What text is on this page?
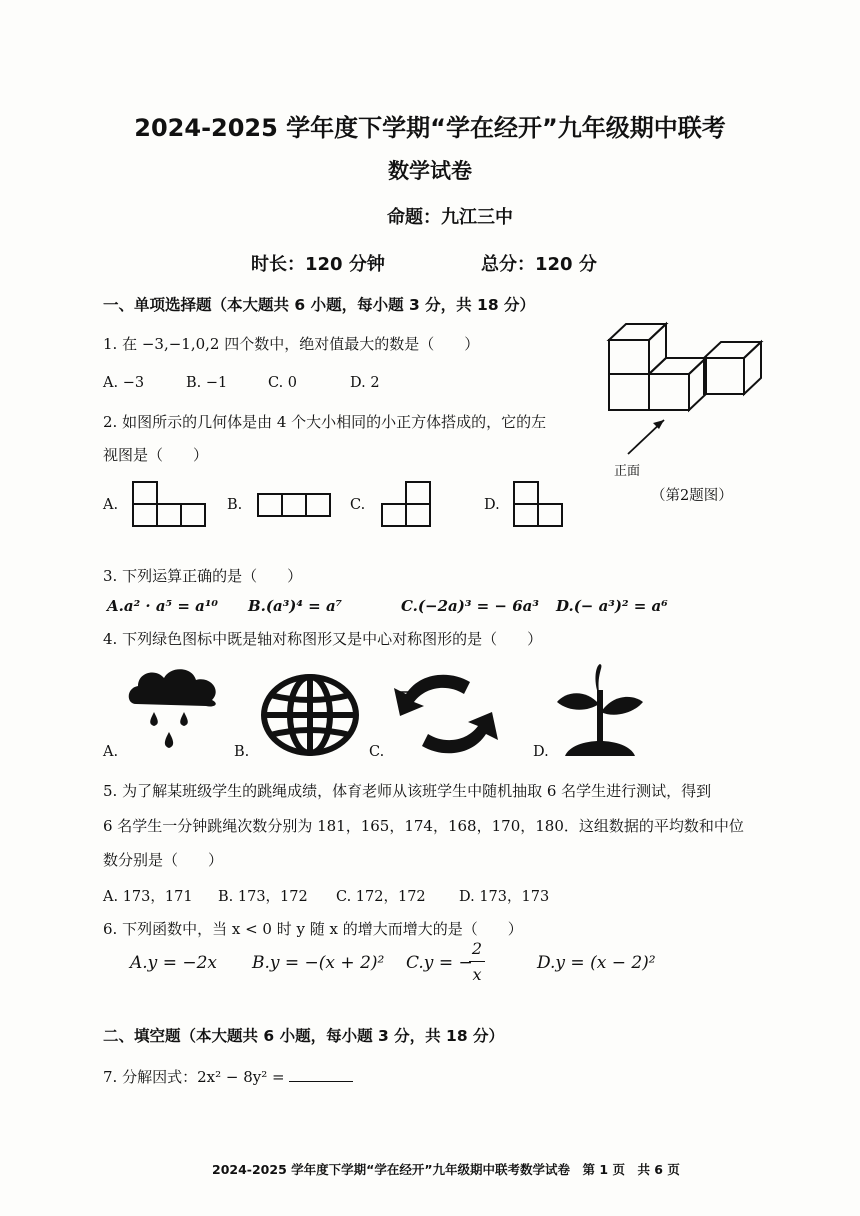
2024-2025 学年度下学期“学在经开”九年级期中联考
数学试卷
命题：九江三中
时长：120 分钟	总分：120 分
一、单项选择题（本大题共 6 小题，每小题 3 分，共 18 分）
1. 在 −3,−1,0,2 四个数中，绝对值最大的数是（　　）
A. −3	B. −1	C. 0	D. 2
正面
（第2题图）
2. 如图所示的几何体是由 4 个大小相同的小正方体搭成的，它的左
视图是（　　）
A.	B.	C.	D.
3. 下列运算正确的是（　　）
A.a² · a⁵ = a¹⁰ B.(a³)⁴ = a⁷	C.(−2a)³ = − 6a³ D.(− a³)² = a⁶
4. 下列绿色图标中既是轴对称图形又是中心对称图形的是（　　）
A.	B.	C.	D.
5. 为了解某班级学生的跳绳成绩，体育老师从该班学生中随机抽取 6 名学生进行测试，得到
6 名学生一分钟跳绳次数分别为 181，165，174，168，170，180．这组数据的平均数和中位
数分别是（　　）
A. 173，171 B. 173，172 C. 172，172 D. 173，173
6. 下列函数中，当 x < 0 时 y 随 x 的增大而增大的是（　　）
A.y = −2x B.y = −(x + 2)² C.y = −
2
x
D.y = (x − 2)²
二、填空题（本大题共 6 小题，每小题 3 分，共 18 分）
7. 分解因式：2x² − 8y² =
2024-2025 学年度下学期“学在经开”九年级期中联考数学试卷　第 1 页　共 6 页
